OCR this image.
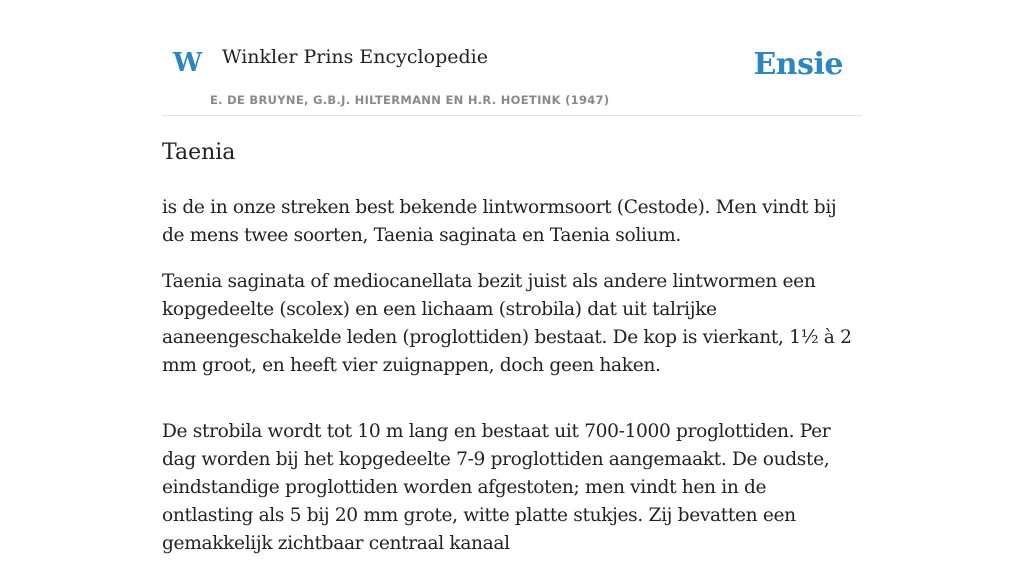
W Winkler Prins Encyclopedie
E. DE BRUYNE, G.B.J. HILTERMANN EN H.R. HOETINK (1947)
Ensie
Taenia

is de in onze streken best bekende lintwormsoort (Cestode). Men vindt bij de mens twee soorten, Taenia saginata en Taenia solium.

Taenia saginata of mediocanellata bezit juist als andere lintwormen een kopgedeelte (scolex) en een lichaam (strobila) dat uit talrijke aaneengeschakelde leden (proglottiden) bestaat. De kop is vierkant, 1½ à 2 mm groot, en heeft vier zuignappen, doch geen haken.

De strobila wordt tot 10 m lang en bestaat uit 700-1000 proglottiden. Per dag worden bij het kopgedeelte 7-9 proglottiden aangemaakt. De oudste, eindstandige proglottiden worden afgestoten; men vindt hen in de ontlasting als 5 bij 20 mm grote, witte platte stukjes. Zij bevatten een gemakkelijk zichtbaar centraal kanaal
